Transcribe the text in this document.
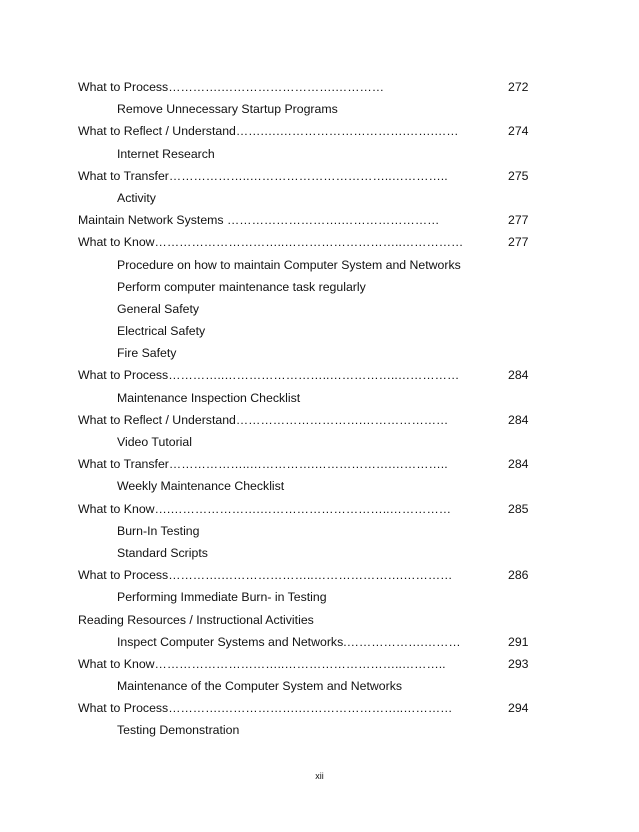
What to Process………….……………………….…………	272
Remove Unnecessary Startup Programs
What to Reflect / Understand…….….………………………….…….……	274
Internet Research
What to Transfer………………..……………………………..…………..	275
Activity
Maintain Network Systems ……………………….……………………	277
What to Know…………………………..………………………..……………	277
Procedure on how to maintain Computer System and Networks
Perform computer maintenance task regularly
General Safety
Electrical Safety
Fire Safety
What to Process…………..……………………..……………..……………	284
Maintenance Inspection Checklist
What to Reflect / Understand………………………….…………………	284
Video Tutorial
What to Transfer………………..…………….……………….…………..	284
Weekly Maintenance Checklist
What to Know….………………….…………………………..……………	285
Burn-In Testing
Standard Scripts
What to Process………….…………………..………………….…………	286
Performing Immediate Burn- in Testing
Reading Resources / Instructional Activities
Inspect Computer Systems and Networks.……………….………	291
What to Know…………………………..………………………..………..	293
Maintenance of the Computer System and Networks
What to Process………….……………….……………………..…………	294
Testing Demonstration
xii
